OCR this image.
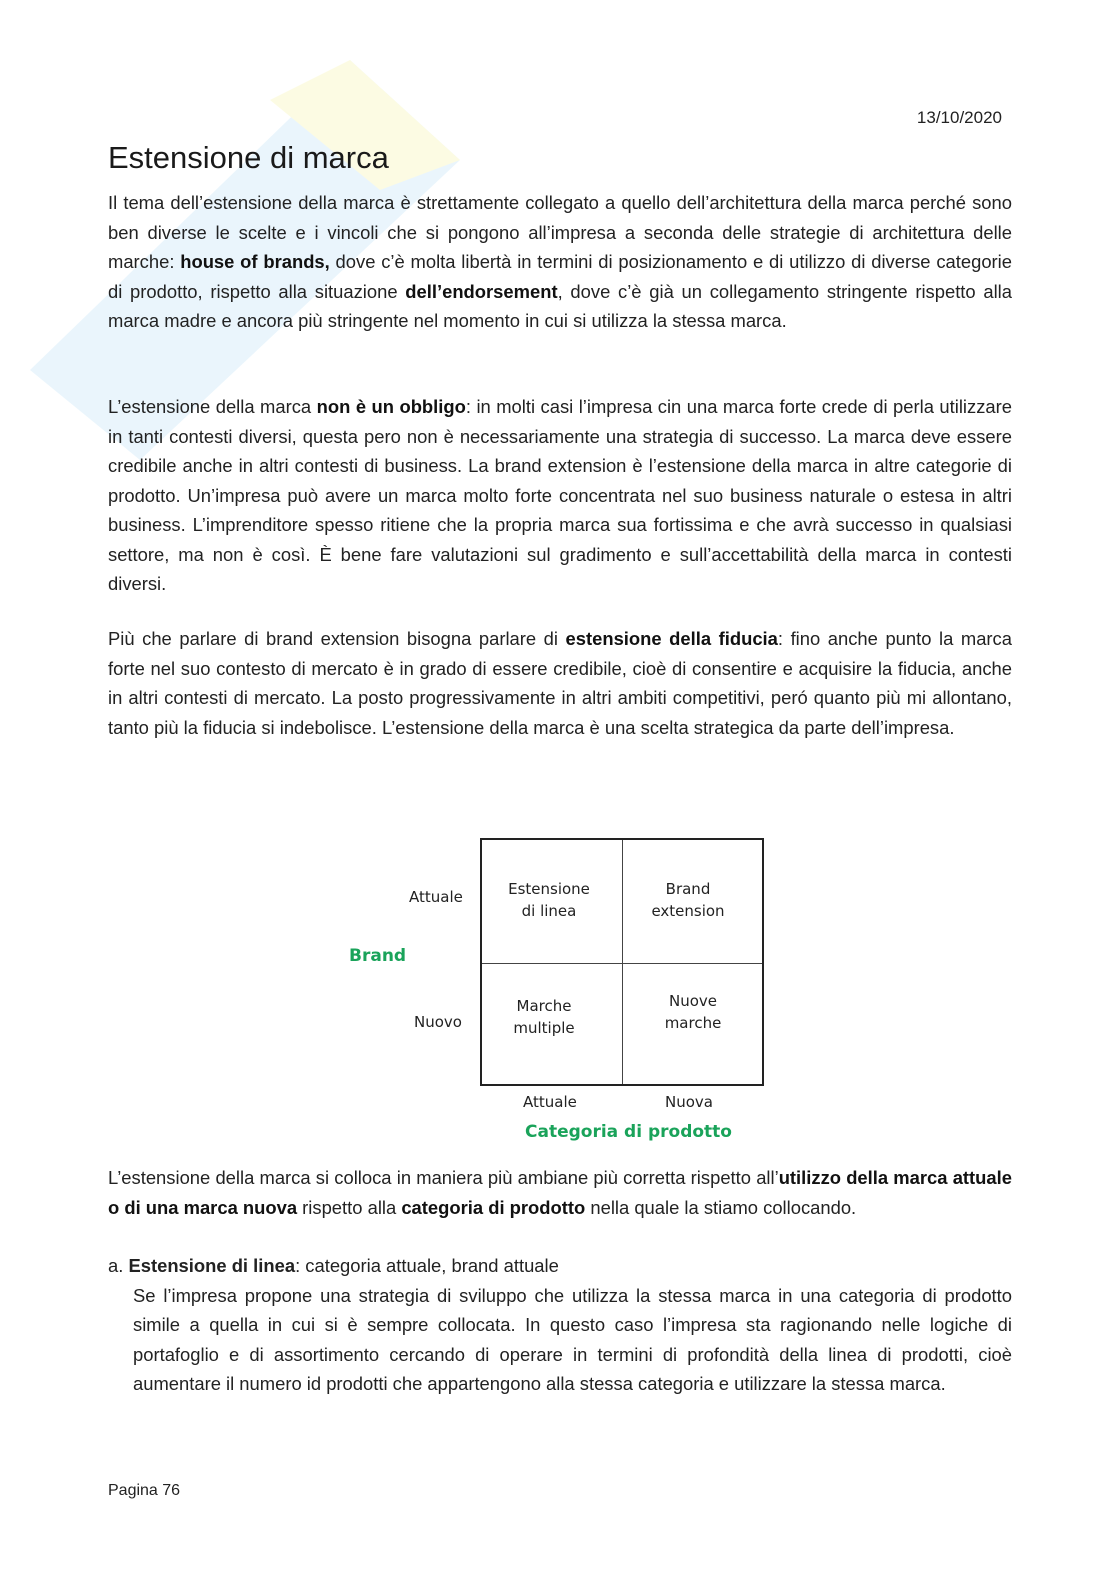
13/10/2020
Estensione di marca

Il tema dell’estensione della marca è strettamente collegato a quello dell’architettura della marca perché sono ben diverse le scelte e i vincoli che si pongono all’impresa a seconda delle strategie di architettura delle marche: house of brands, dove c’è molta libertà in termini di posizionamento e di utilizzo di diverse categorie di prodotto, rispetto alla situazione dell’endorsement, dove c’è già un collegamento stringente rispetto alla marca madre e ancora più stringente nel momento in cui si utilizza la stessa marca.

L’estensione della marca non è un obbligo: in molti casi l’impresa cin una marca forte crede di perla utilizzare in tanti contesti diversi, questa pero non è necessariamente una strategia di successo. La marca deve essere credibile anche in altri contesti di business. La brand extension è l’estensione della marca in altre categorie di prodotto. Un’impresa può avere un marca molto forte concentrata nel suo business naturale o estesa in altri business. L’imprenditore spesso ritiene che la propria marca sua fortissima e che avrà successo in qualsiasi settore, ma non è così. È bene fare valutazioni sul gradimento e sull’accettabilità della marca in contesti diversi.

Più che parlare di brand extension bisogna parlare di estensione della fiducia: fino anche punto la marca forte nel suo contesto di mercato è in grado di essere credibile, cioè di consentire e acquisire la fiducia, anche in altri contesti di mercato. La posto progressivamente in altri ambiti competitivi, peró quanto più mi allontano, tanto più la fiducia si indebolisce. L’estensione della marca è una scelta strategica da parte dell’impresa.

Attuale
Brand
Nuovo
Estensione
di linea
Brand
extension
Marche
multiple
Nuove
marche
Attuale	Nuova
Categoria di prodotto

L’estensione della marca si colloca in maniera più ambiane più corretta rispetto all’utilizzo della marca attuale o di una marca nuova rispetto alla categoria di prodotto nella quale la stiamo collocando.

a. Estensione di linea: categoria attuale, brand attuale

Se l’impresa propone una strategia di sviluppo che utilizza la stessa marca in una categoria di prodotto simile a quella in cui si è sempre collocata. In questo caso l’impresa sta ragionando nelle logiche di portafoglio e di assortimento cercando di operare in termini di profondità della linea di prodotti, cioè aumentare il numero id prodotti che appartengono alla stessa categoria e utilizzare la stessa marca.

Pagina 76
